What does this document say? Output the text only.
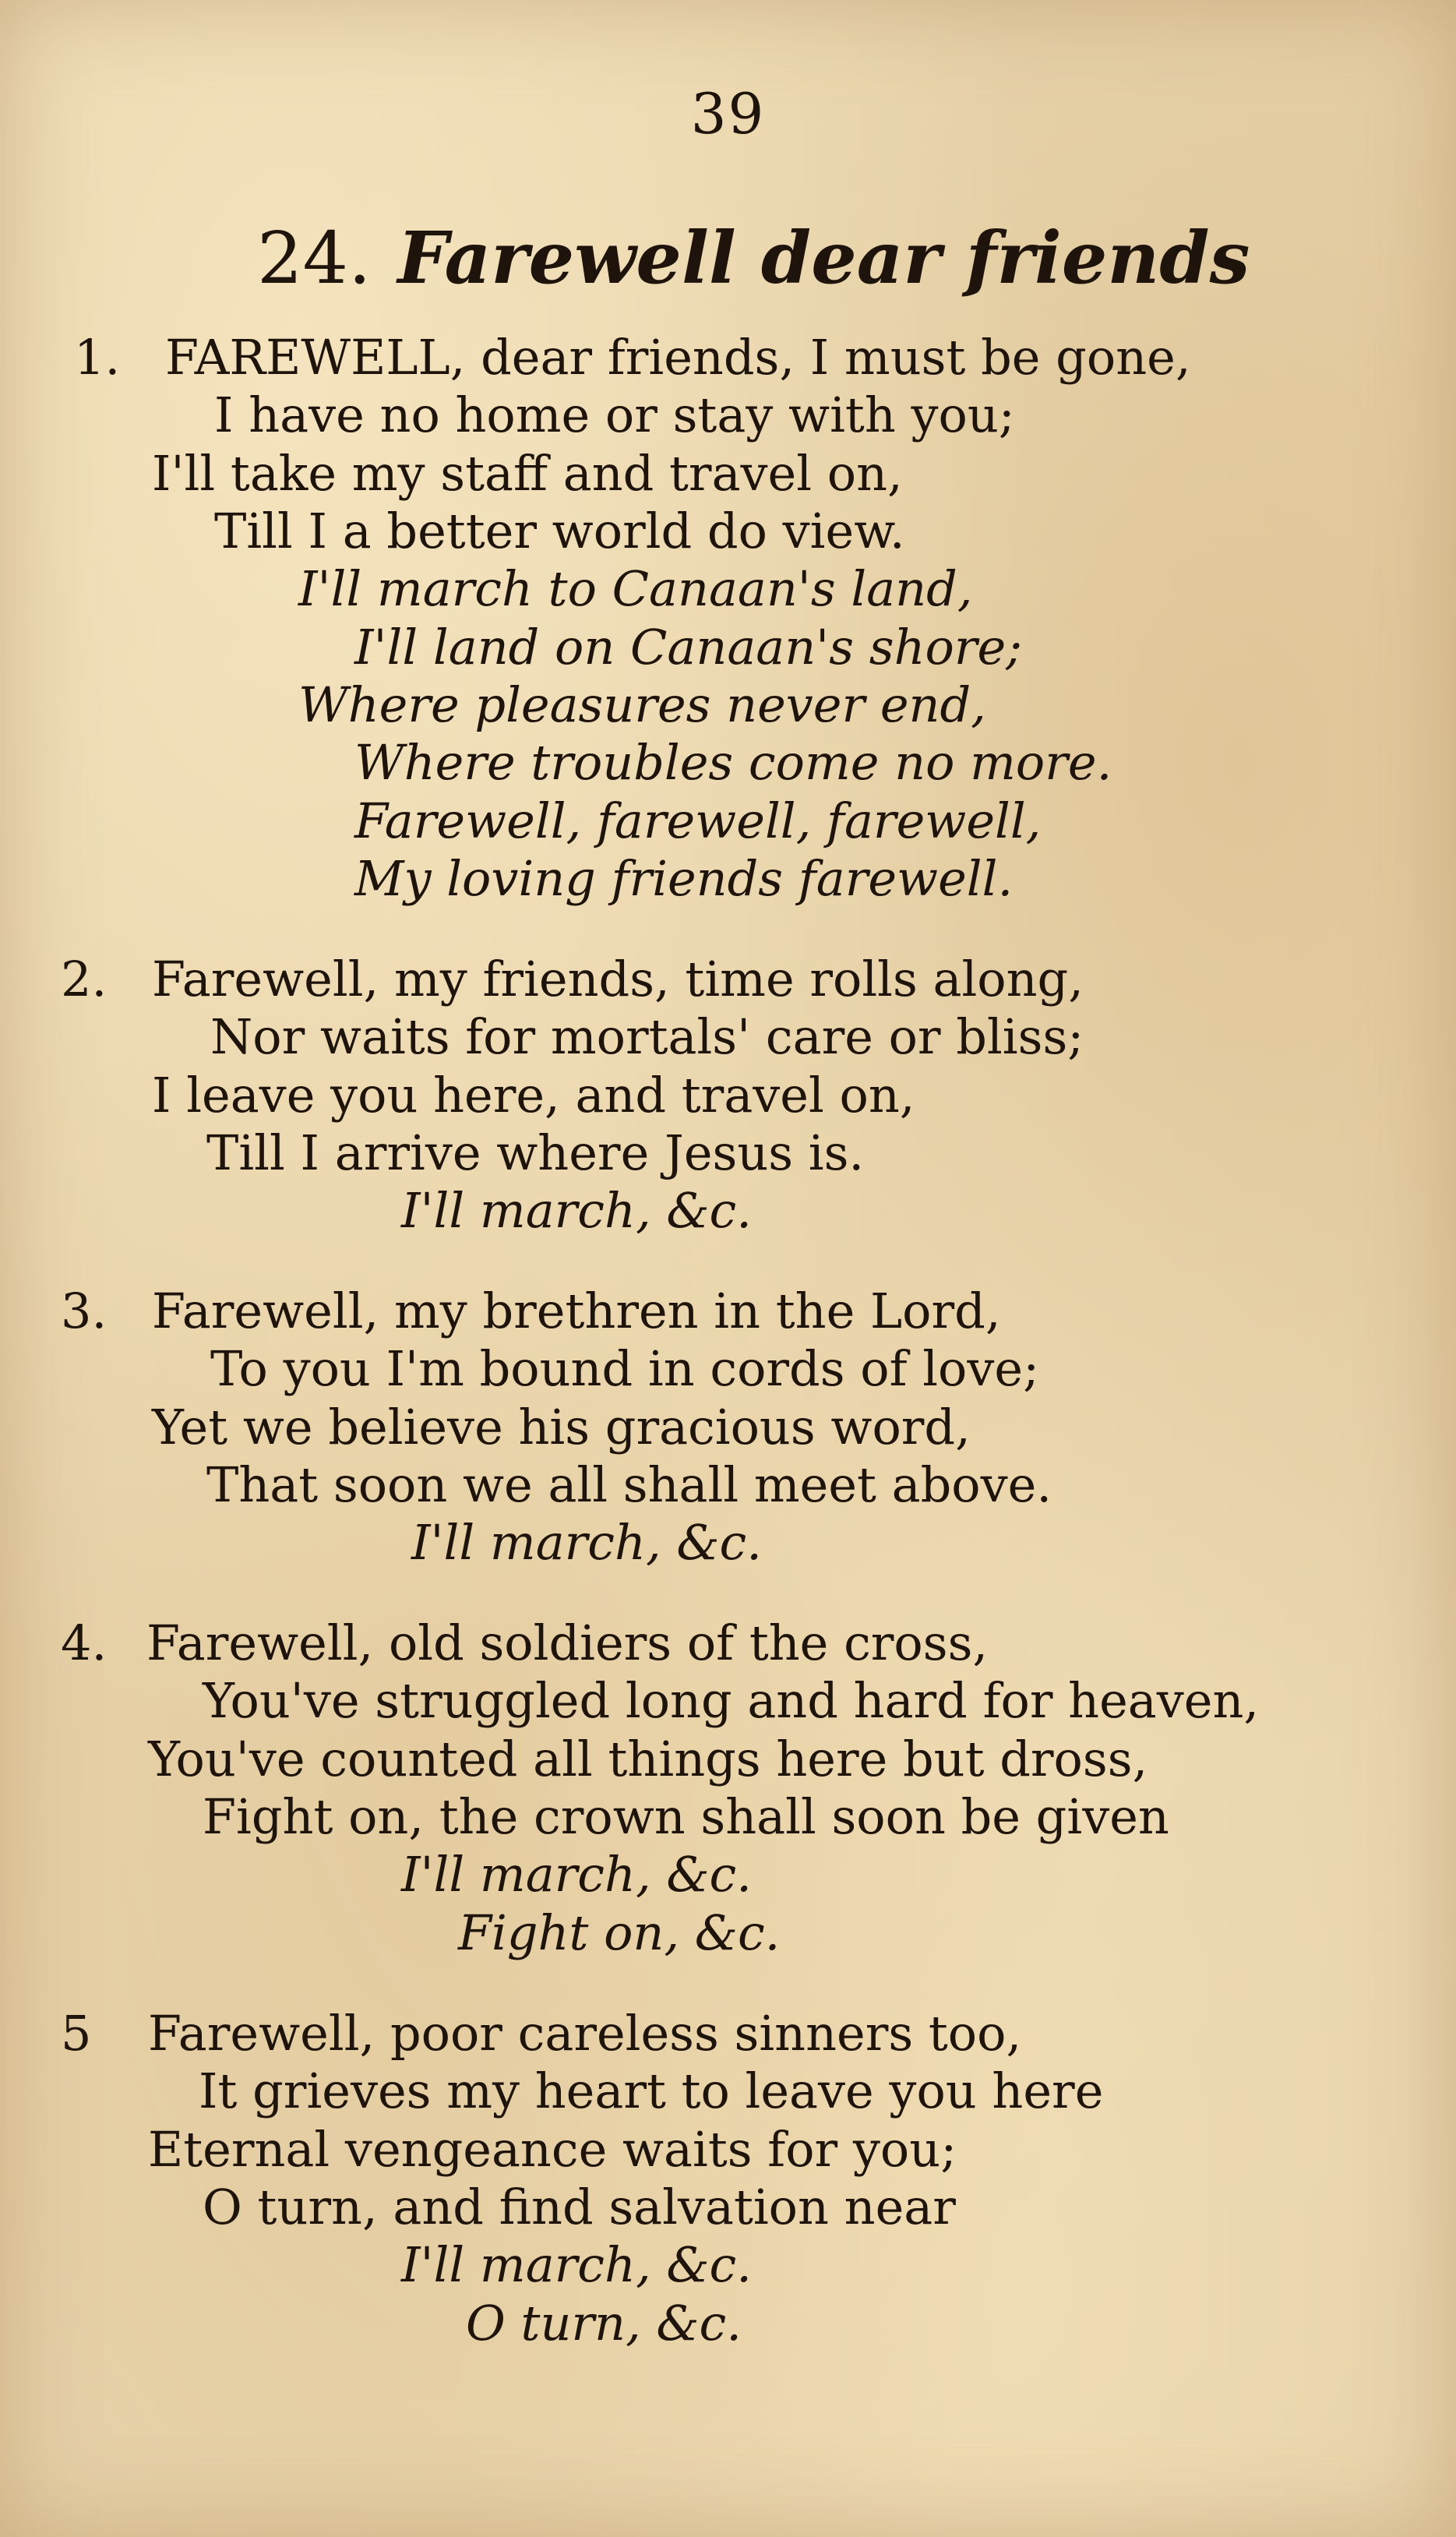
39
24. Farewell dear friends
1. FAREWELL, dear friends, I must be gone,
I have no home or stay with you;
I'll take my staff and travel on,
Till I a better world do view.
I'll march to Canaan's land,
I'll land on Canaan's shore;
Where pleasures never end,
Where troubles come no more.
Farewell, farewell, farewell,
My loving friends farewell.
2. Farewell, my friends, time rolls along,
Nor waits for mortals' care or bliss;
I leave you here, and travel on,
Till I arrive where Jesus is.
I'll march, &c.
3. Farewell, my brethren in the Lord,
To you I'm bound in cords of love;
Yet we believe his gracious word,
That soon we all shall meet above.
I'll march, &c.
4. Farewell, old soldiers of the cross,
You've struggled long and hard for heaven,
You've counted all things here but dross,
Fight on, the crown shall soon be given
I'll march, &c.
Fight on, &c.
5 Farewell, poor careless sinners too,
It grieves my heart to leave you here
Eternal vengeance waits for you;
O turn, and find salvation near
I'll march, &c.
O turn, &c.
